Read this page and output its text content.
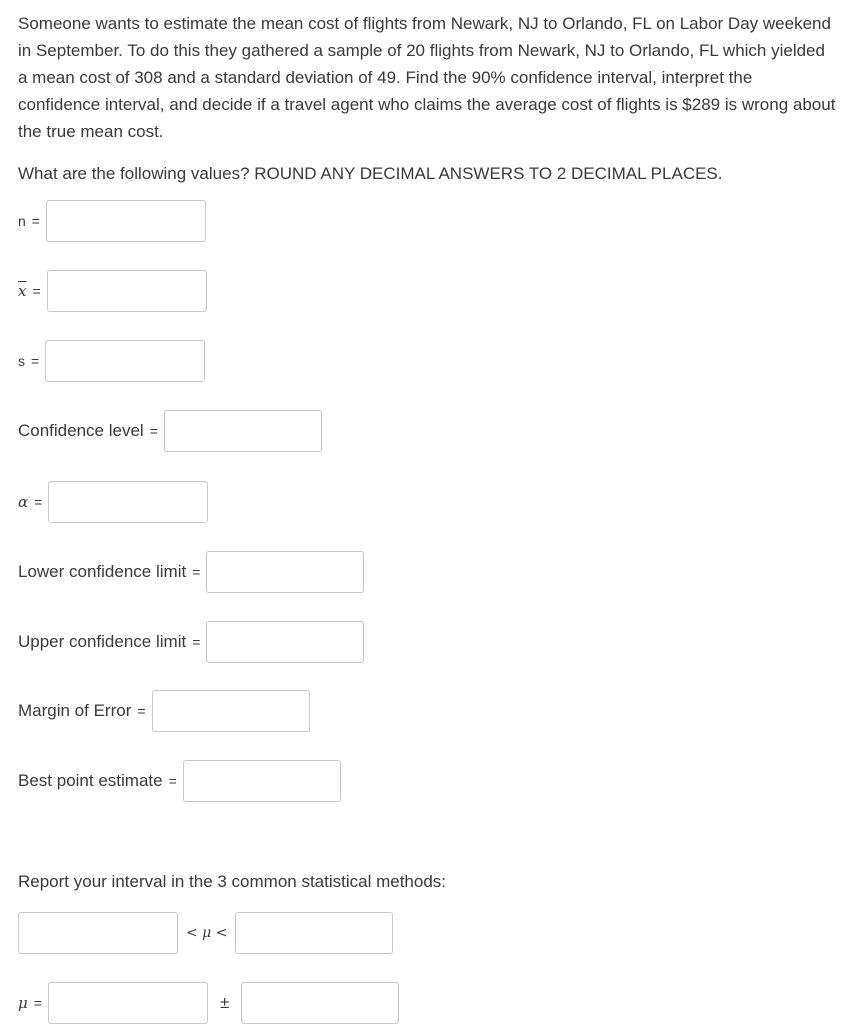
Someone wants to estimate the mean cost of flights from Newark, NJ to Orlando, FL on Labor Day weekend in September. To do this they gathered a sample of 20 flights from Newark, NJ to Orlando, FL which yielded a mean cost of 308 and a standard deviation of 49. Find the 90% confidence interval, interpret the confidence interval, and decide if a travel agent who claims the average cost of flights is $289 is wrong about the true mean cost.

What are the following values? ROUND ANY DECIMAL ANSWERS TO 2 DECIMAL PLACES.

n =
$\overline{x}$ =
s =
Confidence level =
α =
Lower confidence limit =
Upper confidence limit =
Margin of Error =
Best point estimate =

Report your interval in the 3 common statistical methods:

< μ <
μ =	±
